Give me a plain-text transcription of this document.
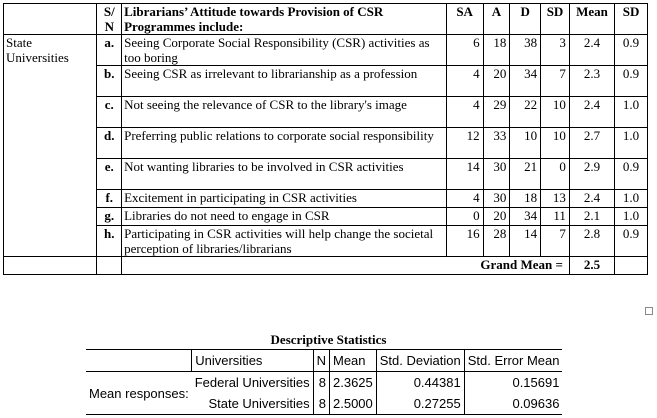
	S/ N	Librarians’ Attitude towards Provision of CSR Programmes include:	SA	A	D	SD	Mean	SD
State Universities	a.	Seeing Corporate Social Responsibility (CSR) activities as too boring	6	18	38	3	2.4	0.9
	b.	Seeing CSR as irrelevant to librarianship as a profession	4	20	34	7	2.3	0.9
	c.	Not seeing the relevance of CSR to the library's image	4	29	22	10	2.4	1.0
	d.	Preferring public relations to corporate social responsibility	12	33	10	10	2.7	1.0
	e.	Not wanting libraries to be involved in CSR activities	14	30	21	0	2.9	0.9
	f.	Excitement in participating in CSR activities	4	30	18	13	2.4	1.0
	g.	Libraries do not need to engage in CSR	0	20	34	11	2.1	1.0
	h.	Participating in CSR activities will help change the societal perception of libraries/librarians	16	28	14	7	2.8	0.9
		Grand Mean =					2.5	
Descriptive Statistics
	Universities	N	Mean	Std. Deviation	Std. Error Mean
Mean responses:	Federal Universities	8	2.3625	0.44381	0.15691
	State Universities	8	2.5000	0.27255	0.09636
